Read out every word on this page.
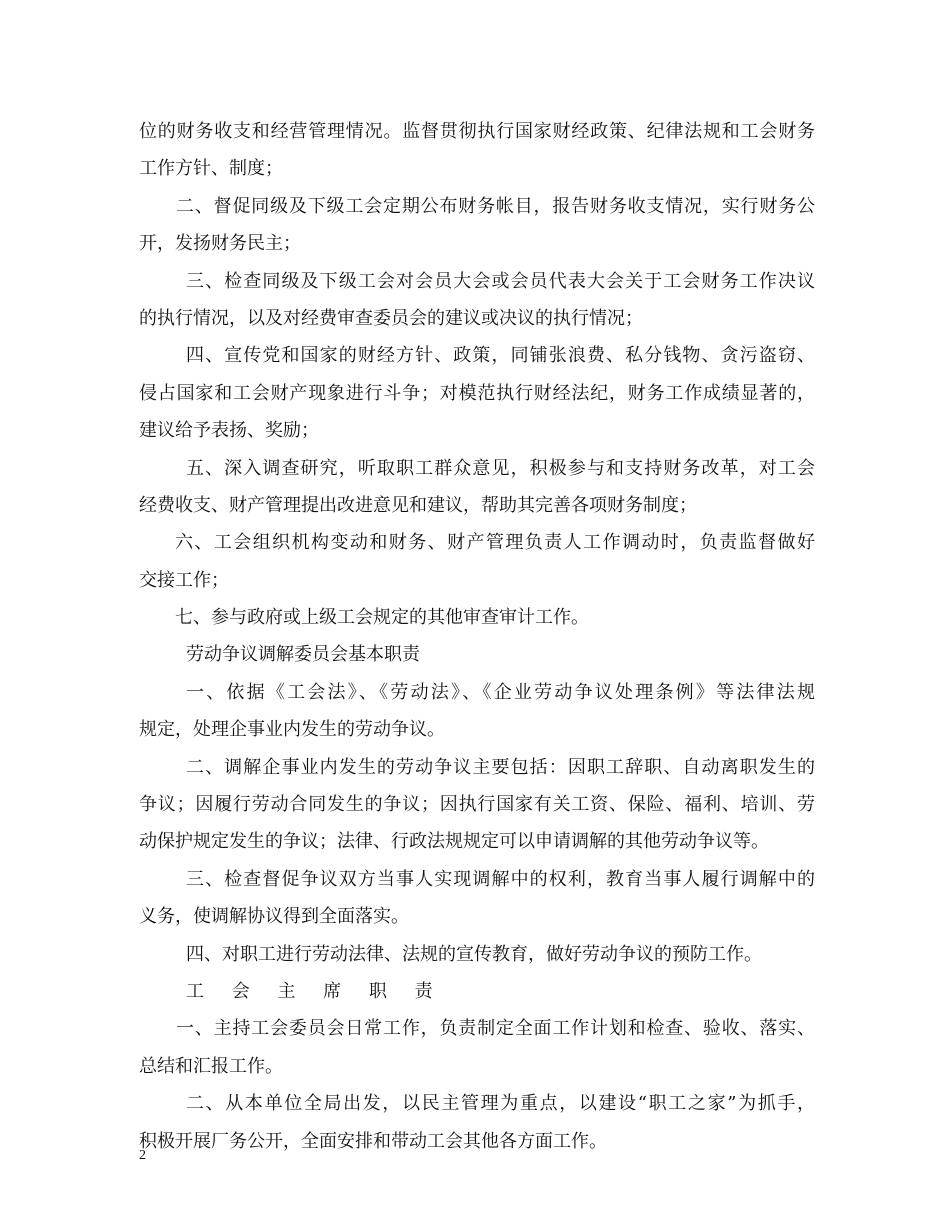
位的财务收支和经营管理情况。监督贯彻执行国家财经政策、纪律法规和工会财务
工作方针、制度；
二、督促同级及下级工会定期公布财务帐目，报告财务收支情况，实行财务公
开，发扬财务民主；
三、检查同级及下级工会对会员大会或会员代表大会关于工会财务工作决议
的执行情况，以及对经费审查委员会的建议或决议的执行情况；
四、宣传党和国家的财经方针、政策，同铺张浪费、私分钱物、贪污盗窃、
侵占国家和工会财产现象进行斗争；对模范执行财经法纪，财务工作成绩显著的，
建议给予表扬、奖励；
五、深入调查研究，听取职工群众意见，积极参与和支持财务改革，对工会
经费收支、财产管理提出改进意见和建议，帮助其完善各项财务制度；
六、工会组织机构变动和财务、财产管理负责人工作调动时，负责监督做好
交接工作；
七、参与政府或上级工会规定的其他审查审计工作。
劳动争议调解委员会基本职责
一、依据《工会法》、《劳动法》、《企业劳动争议处理条例》等法律法规
规定，处理企事业内发生的劳动争议。
二、调解企事业内发生的劳动争议主要包括：因职工辞职、自动离职发生的
争议；因履行劳动合同发生的争议；因执行国家有关工资、保险、福利、培训、劳
动保护规定发生的争议；法律、行政法规规定可以申请调解的其他劳动争议等。
三、检查督促争议双方当事人实现调解中的权利，教育当事人履行调解中的
义务，使调解协议得到全面落实。
四、对职工进行劳动法律、法规的宣传教育，做好劳动争议的预防工作。
工 会 主 席 职 责
一、主持工会委员会日常工作，负责制定全面工作计划和检查、验收、落实、
总结和汇报工作。
二、从本单位全局出发，以民主管理为重点，以建设“职工之家”为抓手，
积极开展厂务公开，全面安排和带动工会其他各方面工作。
2
